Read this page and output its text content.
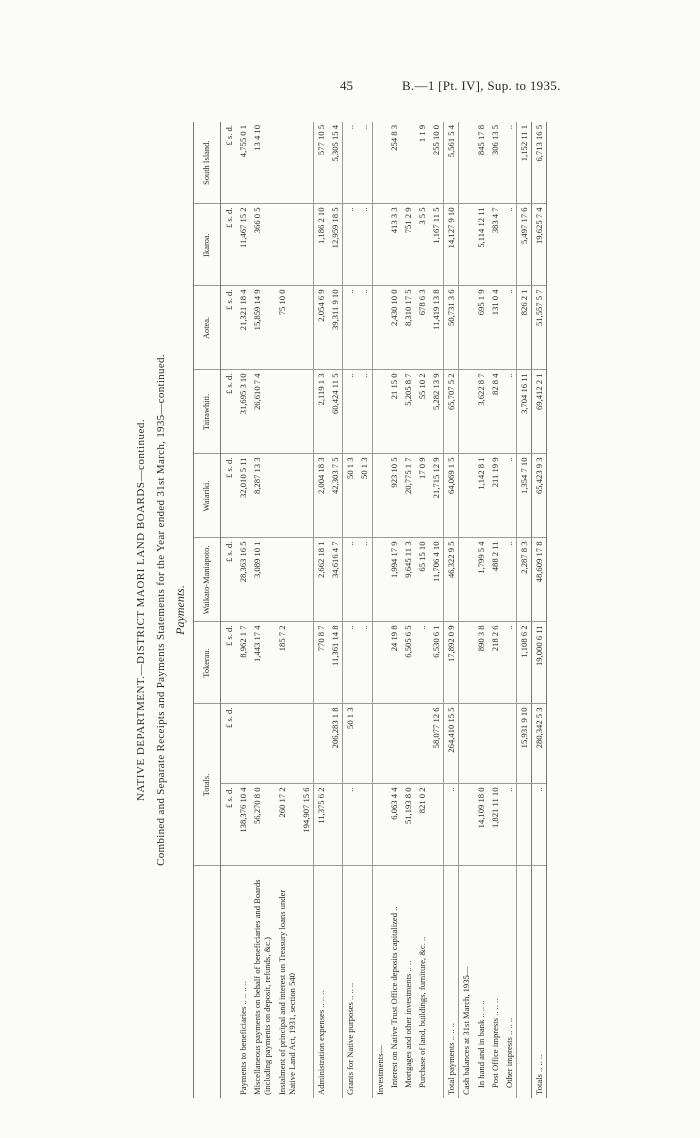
45	B.—1 [Pt. IV], Sup. to 1935.
NATIVE DEPARTMENT.—DISTRICT MAORI LAND BOARDS—continued. Combined and Separate Receipts and Payments Statements for the Year ended 31st March, 1935—continued. Payments.
	Totals.		Tokerau.	Waikato-Maniapoto.	Waiariki.	Tairawhiti.	Aotea.	Ikaroa.	South Island.
	£ s. d.	£ s. d.	£ s. d.	£ s. d.	£ s. d.	£ s. d.	£ s. d.	£ s. d.	£ s. d.
Payments to beneficiaries .. .. .. ..	138,376 10 4		8,962 1 7	28,363 16 5	32,010 5 11	31,695 3 10	21,321 18 4	11,467 15 2	4,755 0 1
Miscellaneous payments on behalf of beneficiaries and Boards (including payments on deposit, refunds, &c.)	56,270 8 0		1,443 17 4	3,089 10 1	8,287 13 3	26,610 7 4	15,859 14 9	366 0 5	13 4 10
Instalment of principal and interest on Treasury loans under Native Land Act, 1931, section 540	260 17 2		185 7 2				75 10 0		
	194,907 15 6								
Administration expenses .. .. ..	11,375 6 2		770 8 7	2,662 18 1	2,004 18 3	2,119 1 3	2,054 6 9	1,186 2 10	577 10 5
		206,283 1 8	11,361 14 8	34,616 4 7	42,303 7 5	60,424 11 5	39,311 9 10	12,959 18 5	5,305 15 4
Grants for Native purposes .. .. ..	..	50 1 3	..	..	50 1 3	..	..	..	..
			..	..	50 1 3	..	..	..	..
Investments—									
Interest on Native Trust Office deposits capitalized ..	6,063 4 4		24 19 8	1,994 17 9	923 10 5	21 15 0	2,430 10 0	413 3 3	254 8 3
Mortgages and other investments .. ..	51,193 8 0		6,505 6 5	9,645 11 3	20,775 1 7	5,205 8 7	8,310 17 5	751 2 9	
Purchase of land, buildings, furniture, &c. ..	821 0 2		..	65 15 10	17 0 9	55 10 2	678 6 3	3 5 5	1 1 9
		58,077 12 6	6,530 6 1	11,706 4 10	21,715 12 9	5,282 13 9	11,419 13 8	1,167 11 5	255 10 0
Total payments .. .. ..	..	264,410 15 5	17,892 0 9	46,322 9 5	64,069 1 5	65,707 5 2	50,731 3 6	14,127 9 10	5,561 5 4
Cash balances at 31st March, 1935—									
In hand and in bank .. .. ..	14,109 18 0		890 3 8	1,799 5 4	1,142 8 1	3,622 8 7	695 1 9	5,114 12 11	845 17 8
Post Office imprests .. .. ..	1,821 11 10		218 2 6	488 2 11	211 19 9	82 8 4	131 0 4	383 4 7	306 13 5
Other imprests .. .. ..	..		..	..	..	..	..	..	..
		15,931 9 10	1,108 6 2	2,287 8 3	1,354 7 10	3,704 16 11	826 2 1	5,497 17 6	1,152 11 1
Totals .. .. ..	..	280,342 5 3	19,000 6 11	48,609 17 8	65,423 9 3	69,412 2 1	51,557 5 7	19,625 7 4	6,713 16 5
